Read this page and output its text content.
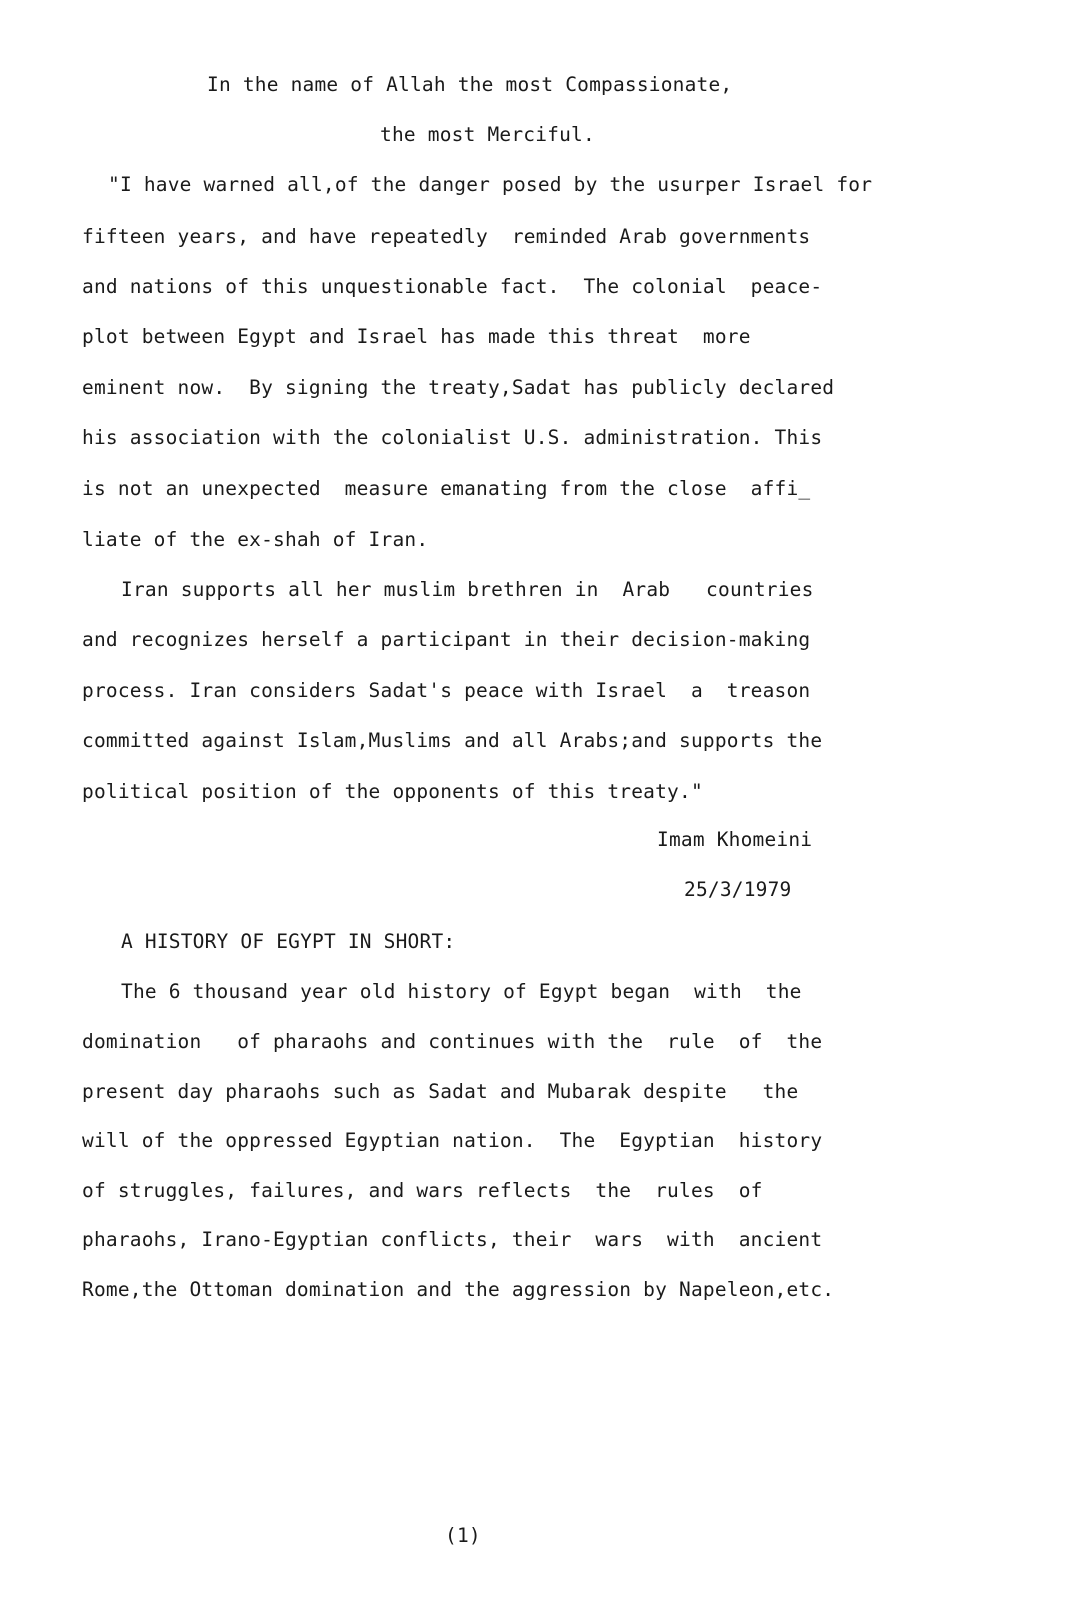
In the name of Allah the most Compassionate,
the most Merciful.
"I have warned all,of the danger posed by the usurper Israel for
fifteen years, and have repeatedly  reminded Arab governments
and nations of this unquestionable fact.  The colonial  peace-
plot between Egypt and Israel has made this threat  more
eminent now.  By signing the treaty,Sadat has publicly declared
his association with the colonialist U.S. administration. This
is not an unexpected  measure emanating from the close  affi_
liate of the ex-shah of Iran.
Iran supports all her muslim brethren in  Arab   countries
and recognizes herself a participant in their decision-making
process. Iran considers Sadat's peace with Israel  a  treason
committed against Islam,Muslims and all Arabs;and supports the
political position of the opponents of this treaty."
Imam Khomeini
25/3/1979
A HISTORY OF EGYPT IN SHORT:
The 6 thousand year old history of Egypt began  with  the
domination   of pharaohs and continues with the  rule  of  the
present day pharaohs such as Sadat and Mubarak despite   the
will of the oppressed Egyptian nation.  The  Egyptian  history
of struggles, failures, and wars reflects  the  rules  of
pharaohs, Irano-Egyptian conflicts, their  wars  with  ancient
Rome,the Ottoman domination and the aggression by Napeleon,etc.
(1)
